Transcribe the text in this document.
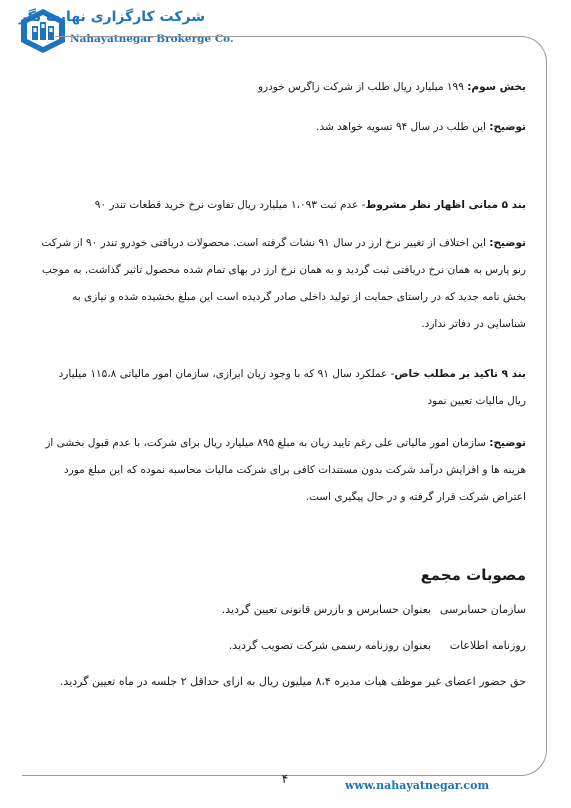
شرکت کارگزاری نهایت نگر
Nahayatnegar Brokerge Co.
بخش سوم: ۱۹۹ میلیارد ریال طلب از شرکت زاگرس خودرو
توضیح: این طلب در سال ۹۴ تسویه خواهد شد.
بند ۵ مبانی اظهار نظر مشروط- عدم ثبت ۱،۰۹۳ میلیارد ریال تفاوت نرخ خرید قطعات تندر ۹۰
توضیح: این اختلاف از تغییر نرخ ارز در سال ۹۱ نشات گرفته است. محصولات دریافتی خودرو تندر ۹۰ از شرکت رنو پارس به همان نرخ دریافتی ثبت گردید و به همان نرخ ارز در بهای تمام شده محصول تاثیر گذاشت. به موجب بخش نامه جدید که در راستای حمایت از تولید داخلی صادر گردیده است این مبلغ بخشیده شده و نیازی به شناسایی در دفاتر ندارد.
بند ۹ تاکید بر مطلب خاص- عملکرد سال ۹۱ که با وجود زیان ابرازی، سازمان امور مالیاتی ۱۱۵،۸ میلیارد ریال مالیات تعیین نمود
توضیح: سازمان امور مالیاتی علی رغم تایید زیان به مبلغ ۸۹۵ میلیارد ریال برای شرکت، با عدم قبول بخشی از هزینه ها و افزایش درآمد شرکت بدون مستندات کافی برای شرکت مالیات محاسبه نموده که این مبلغ مورد اعتراض شرکت قرار گرفته و در حال پیگیری است.
مصوبات مجمع
سازمان حسابرسی
بعنوان حسابرس و بازرس قانونی تعیین گردید.
روزنامه اطلاعات
بعنوان روزنامه رسمی شرکت تصویب گردید.
حق حضور اعضای غیر موظف هیات مدیره ۸،۴ میلیون ریال به ازای حداقل ۲ جلسه در ماه تعیین گردید.
۴	www.nahayatnegar.com
